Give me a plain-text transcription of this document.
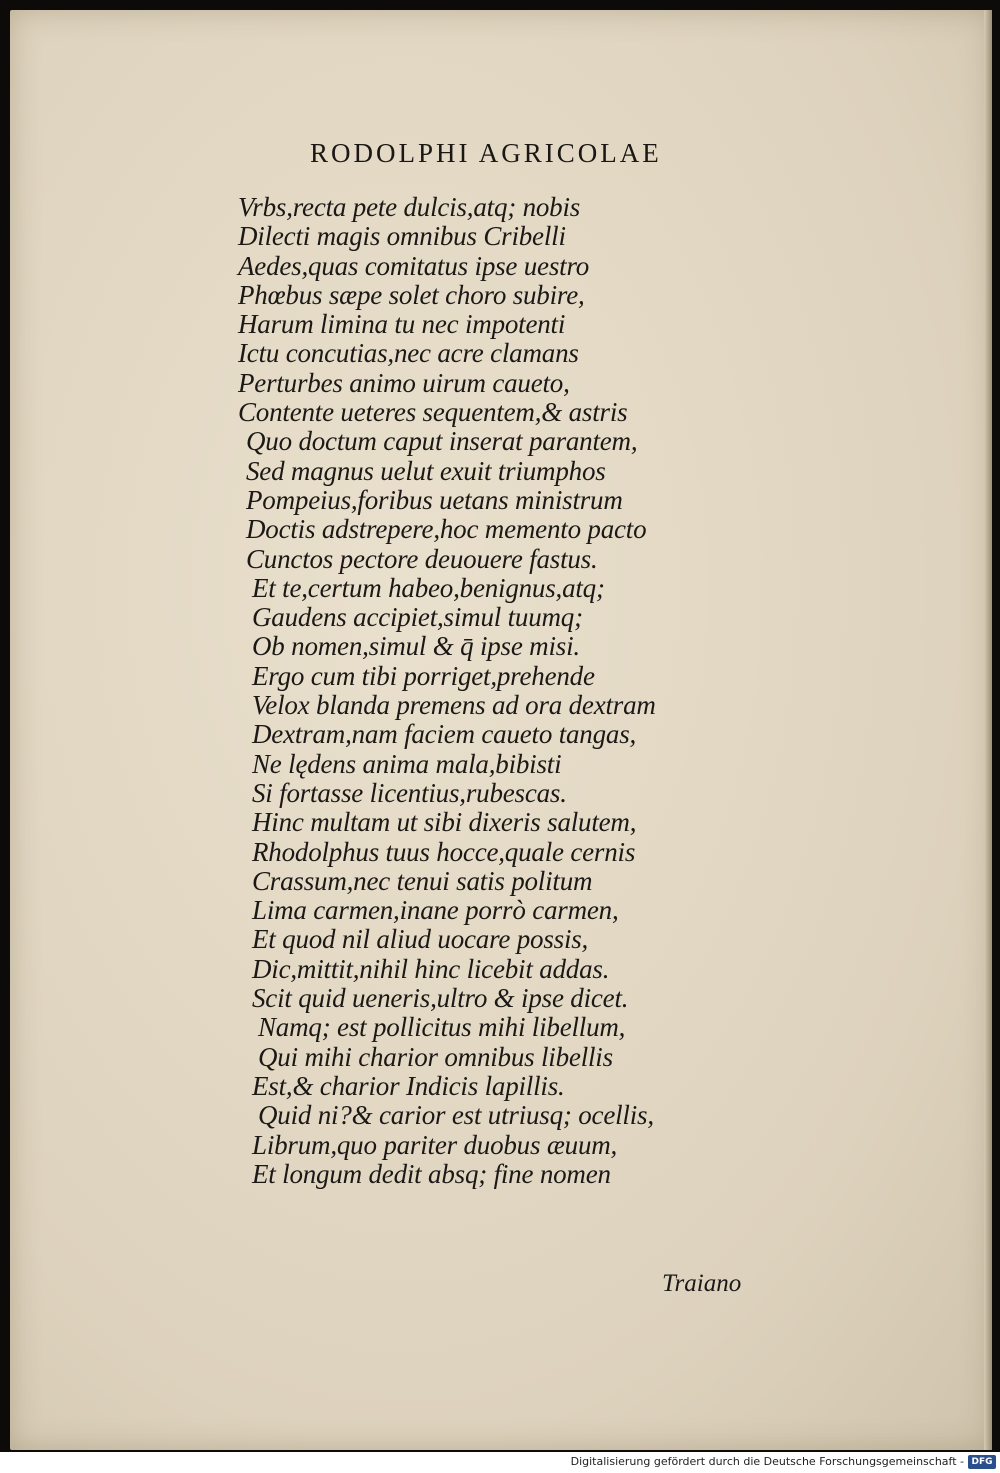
RODOLPHI AGRICOLAE
Vrbs,recta pete dulcis,atq; nobis
Dilecti magis omnibus Cribelli
Aedes,quas comitatus ipse uestro
Phœbus sæpe solet choro subire,
Harum limina tu nec impotenti
Ictu concutias,nec acre clamans
Perturbes animo uirum caueto,
Contente ueteres sequentem,& astris
Quo doctum caput inserat parantem,
Sed magnus uelut exuit triumphos
Pompeius,foribus uetans ministrum
Doctis adstrepere,hoc memento pacto
Cunctos pectore deuouere fastus.
Et te,certum habeo,benignus,atq;
Gaudens accipiet,simul tuumq;
Ob nomen,simul & q̄ ipse misi.
Ergo cum tibi porriget,prehende
Velox blanda premens ad ora dextram
Dextram,nam faciem caueto tangas,
Ne lędens anima mala,bibisti
Si fortasse licentius,rubescas.
Hinc multam ut sibi dixeris salutem,
Rhodolphus tuus hocce,quale cernis
Crassum,nec tenui satis politum
Lima carmen,inane porrò carmen,
Et quod nil aliud uocare possis,
Dic,mittit,nihil hinc licebit addas.
Scit quid ueneris,ultro & ipse dicet.
Namq; est pollicitus mihi libellum,
Qui mihi charior omnibus libellis
Est,& charior Indicis lapillis.
Quid ni?& carior est utriusq; ocellis,
Librum,quo pariter duobus æuum,
Et longum dedit absq; fine nomen
Traiano
Digitalisierung gefördert durch die Deutsche Forschungsgemeinschaft - DFG
